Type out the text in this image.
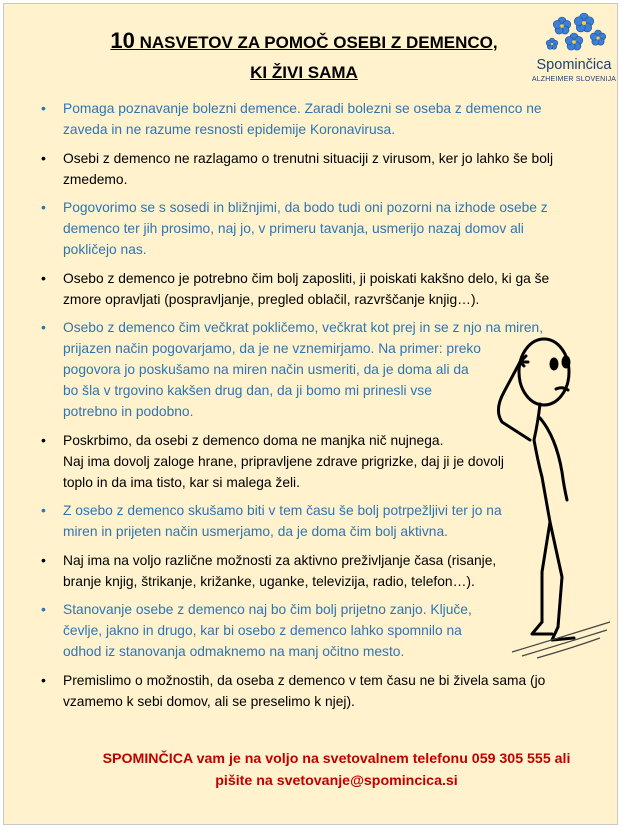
10 NASVETOV ZA POMOČ OSEBI Z DEMENCO,
KI ŽIVI SAMA	Spominčica
ALZHEIMER SLOVENIJA
• Pomaga poznavanje bolezni demence. Zaradi bolezni se oseba z demenco ne
zaveda in ne razume resnosti epidemije Koronavirusa.
• Osebi z demenco ne razlagamo o trenutni situaciji z virusom, ker jo lahko še bolj
zmedemo.
• Pogovorimo se s sosedi in bližnjimi, da bodo tudi oni pozorni na izhode osebe z
demenco ter jih prosimo, naj jo, v primeru tavanja, usmerijo nazaj domov ali
pokličejo nas.
• Osebo z demenco je potrebno čim bolj zaposliti, ji poiskati kakšno delo, ki ga še
zmore opravljati (pospravljanje, pregled oblačil, razvrščanje knjig…).
• Osebo z demenco čim večkrat pokličemo, večkrat kot prej in se z njo na miren,
prijazen način pogovarjamo, da je ne vznemirjamo. Na primer: preko
pogovora jo poskušamo na miren način usmeriti, da je doma ali da
bo šla v trgovino kakšen drug dan, da ji bomo mi prinesli vse
potrebno in podobno.
• Poskrbimo, da osebi z demenco doma ne manjka nič nujnega.
Naj ima dovolj zaloge hrane, pripravljene zdrave prigrizke, daj ji je dovolj
toplo in da ima tisto, kar si malega želi.
• Z osebo z demenco skušamo biti v tem času še bolj potrpežljivi ter jo na
miren in prijeten način usmerjamo, da je doma čim bolj aktivna.
• Naj ima na voljo različne možnosti za aktivno preživljanje časa (risanje,
branje knjig, štrikanje, križanke, uganke, televizija, radio, telefon…).
• Stanovanje osebe z demenco naj bo čim bolj prijetno zanjo. Ključe,
čevlje, jakno in drugo, kar bi osebo z demenco lahko spomnilo na
odhod iz stanovanja odmaknemo na manj očitno mesto.
• Premislimo o možnostih, da oseba z demenco v tem času ne bi živela sama (jo
vzamemo k sebi domov, ali se preselimo k njej).
SPOMINČICA vam je na voljo na svetovalnem telefonu 059 305 555 ali
pišite na svetovanje@spomincica.si
